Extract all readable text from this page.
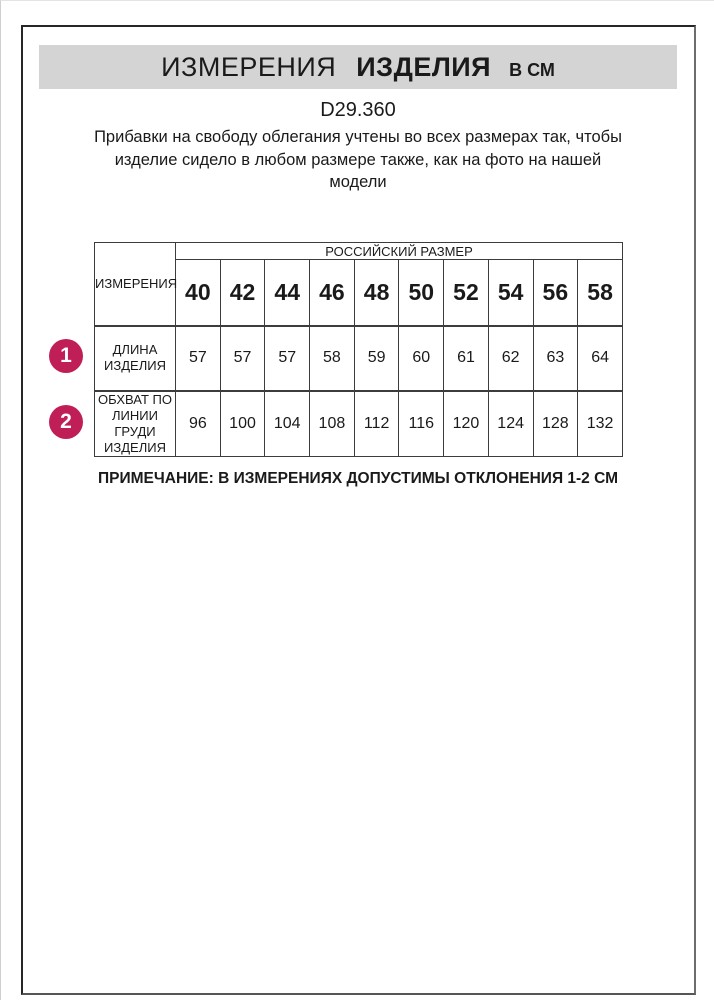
ИЗМЕРЕНИЯ ИЗДЕЛИЯ В СМ
D29.360
Прибавки на свободу облегания учтены во всех размерах так, чтобы
изделие сидело в любом размере также, как на фото на нашей
модели
ИЗМЕРЕНИЯ	РОССИЙСКИЙ РАЗМЕР									
	40	42	44	46	48	50	52	54	56	58

ДЛИНА
ИЗДЕЛИЯ	57	57	57	58	59	60	61	62	63	64

ОБХВАТ ПО
ЛИНИИ
ГРУДИ
ИЗДЕЛИЯ	96	100	104	108	112	116	120	124	128	132
1
2
ПРИМЕЧАНИЕ: В ИЗМЕРЕНИЯХ ДОПУСТИМЫ ОТКЛОНЕНИЯ 1-2 СМ
